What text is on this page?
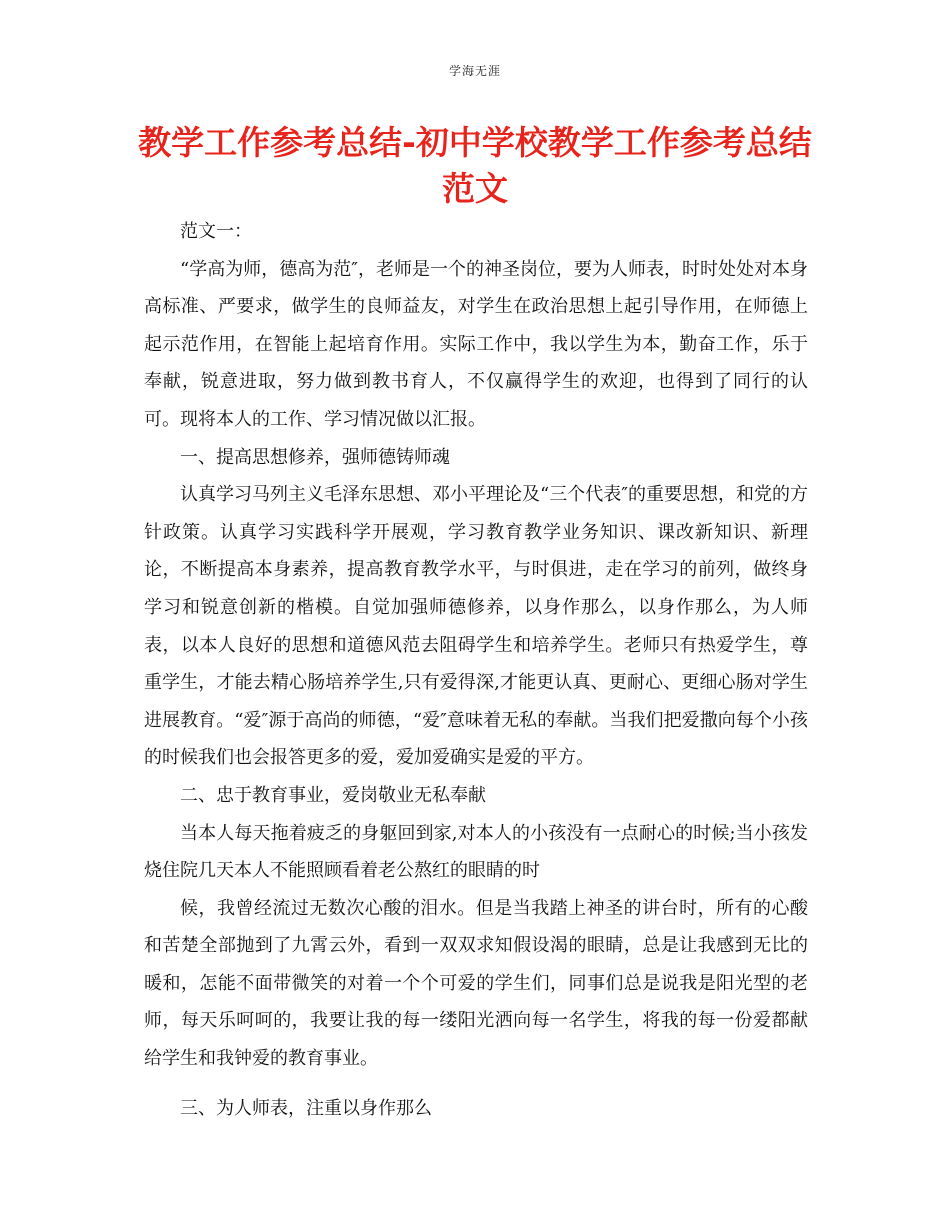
学海无涯
教学工作参考总结-初中学校教学工作参考总结范文

范文一：

“学高为师，德高为范″，老师是一个的神圣岗位，要为人师表，时时处处对本身高标准、严要求，做学生的良师益友，对学生在政治思想上起引导作用，在师德上起示范作用，在智能上起培育作用。实际工作中，我以学生为本，勤奋工作，乐于奉献，锐意进取，努力做到教书育人，不仅赢得学生的欢迎，也得到了同行的认可。现将本人的工作、学习情况做以汇报。

一、提高思想修养，强师德铸师魂

认真学习马列主义毛泽东思想、邓小平理论及“三个代表″的重要思想，和党的方针政策。认真学习实践科学开展观，学习教育教学业务知识、课改新知识、新理论，不断提高本身素养，提高教育教学水平，与时俱进，走在学习的前列，做终身学习和锐意创新的楷模。自觉加强师德修养，以身作那么，以身作那么，为人师表，以本人良好的思想和道德风范去阻碍学生和培养学生。老师只有热爱学生，尊重学生，才能去精心肠培养学生,只有爱得深,才能更认真、更耐心、更细心肠对学生进展教育。“爱″源于高尚的师德，“爱″意味着无私的奉献。当我们把爱撒向每个小孩的时候我们也会报答更多的爱，爱加爱确实是爱的平方。

二、忠于教育事业，爱岗敬业无私奉献

当本人每天拖着疲乏的身躯回到家,对本人的小孩没有一点耐心的时候;当小孩发烧住院几天本人不能照顾看着老公熬红的眼睛的时

候，我曾经流过无数次心酸的泪水。但是当我踏上神圣的讲台时，所有的心酸和苦楚全部抛到了九霄云外，看到一双双求知假设渴的眼睛，总是让我感到无比的暖和，怎能不面带微笑的对着一个个可爱的学生们，同事们总是说我是阳光型的老师，每天乐呵呵的，我要让我的每一缕阳光洒向每一名学生，将我的每一份爱都献给学生和我钟爱的教育事业。

三、为人师表，注重以身作那么
